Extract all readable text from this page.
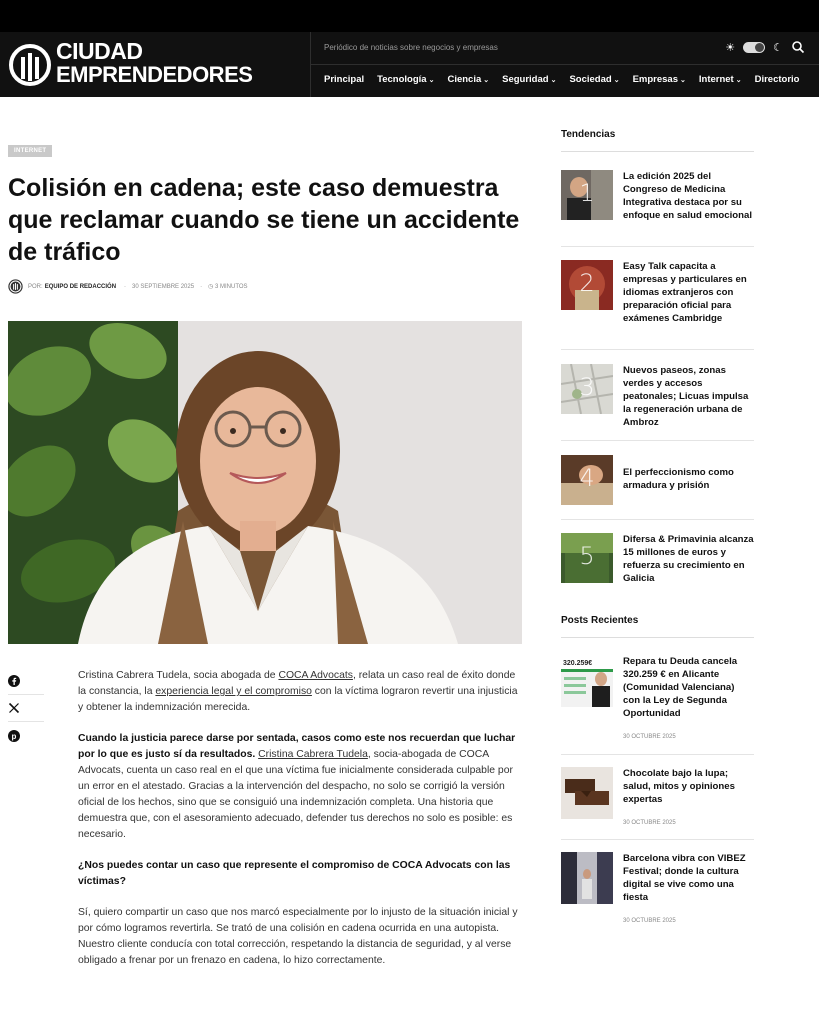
CIUDAD
EMPRENDEDORES
Periódico de noticias sobre negocios y empresas	☀	☾
Principal Tecnología ⌄ Ciencia ⌄ Seguridad ⌄ Sociedad ⌄ Empresas ⌄ Internet ⌄ Directorio
INTERNET
Colisión en cadena; este caso demuestra que reclamar cuando se tiene un accidente de tráfico
POR : EQUIPO DE REDACCIÓN · 30 SEPTIEMBRE 2025 · ◷
3 MINUTOS
p

Cristina Cabrera Tudela, socia abogada de COCA Advocats, relata un caso real de éxito donde la constancia, la experiencia legal y el compromiso con la víctima lograron revertir una injusticia y obtener la indemnización merecida.

Cuando la justicia parece darse por sentada, casos como este nos recuerdan que luchar por lo que es justo sí da resultados. Cristina Cabrera Tudela, socia-abogada de COCA Advocats, cuenta un caso real en el que una víctima fue inicialmente considerada culpable por un error en el atestado. Gracias a la intervención del despacho, no solo se corrigió la versión oficial de los hechos, sino que se consiguió una indemnización completa. Una historia que demuestra que, con el asesoramiento adecuado, defender tus derechos no solo es posible: es necesario.

¿Nos puedes contar un caso que represente el compromiso de COCA Advocats con las víctimas?

Sí, quiero compartir un caso que nos marcó especialmente por lo injusto de la situación inicial y por cómo logramos revertirla. Se trató de una colisión en cadena ocurrida en una autopista. Nuestro cliente conducía con total corrección, respetando la distancia de seguridad, y al verse obligado a frenar por un frenazo en cadena, lo hizo correctamente.

Tendencias
1
La edición 2025 del Congreso de Medicina Integrativa destaca por su enfoque en salud emocional
2
Easy Talk capacita a empresas y particulares en idiomas extranjeros con preparación oficial para exámenes Cambridge
3
Nuevos paseos, zonas verdes y accesos peatonales; Licuas impulsa la regeneración urbana de Ambroz
4	El perfeccionismo como armadura y prisión
5
Difersa & Primavinia alcanza 15 millones de euros y refuerza su crecimiento en Galicia
Posts Recientes
320.259€	Repara tu Deuda cancela 320.259 € en Alicante (Comunidad Valenciana) con la Ley de Segunda Oportunidad
30 OCTUBRE 2025
Chocolate bajo la lupa; salud, mitos y opiniones expertas
30 OCTUBRE 2025
Barcelona vibra con VIBEZ Festival; donde la cultura digital se vive como una fiesta
30 OCTUBRE 2025
